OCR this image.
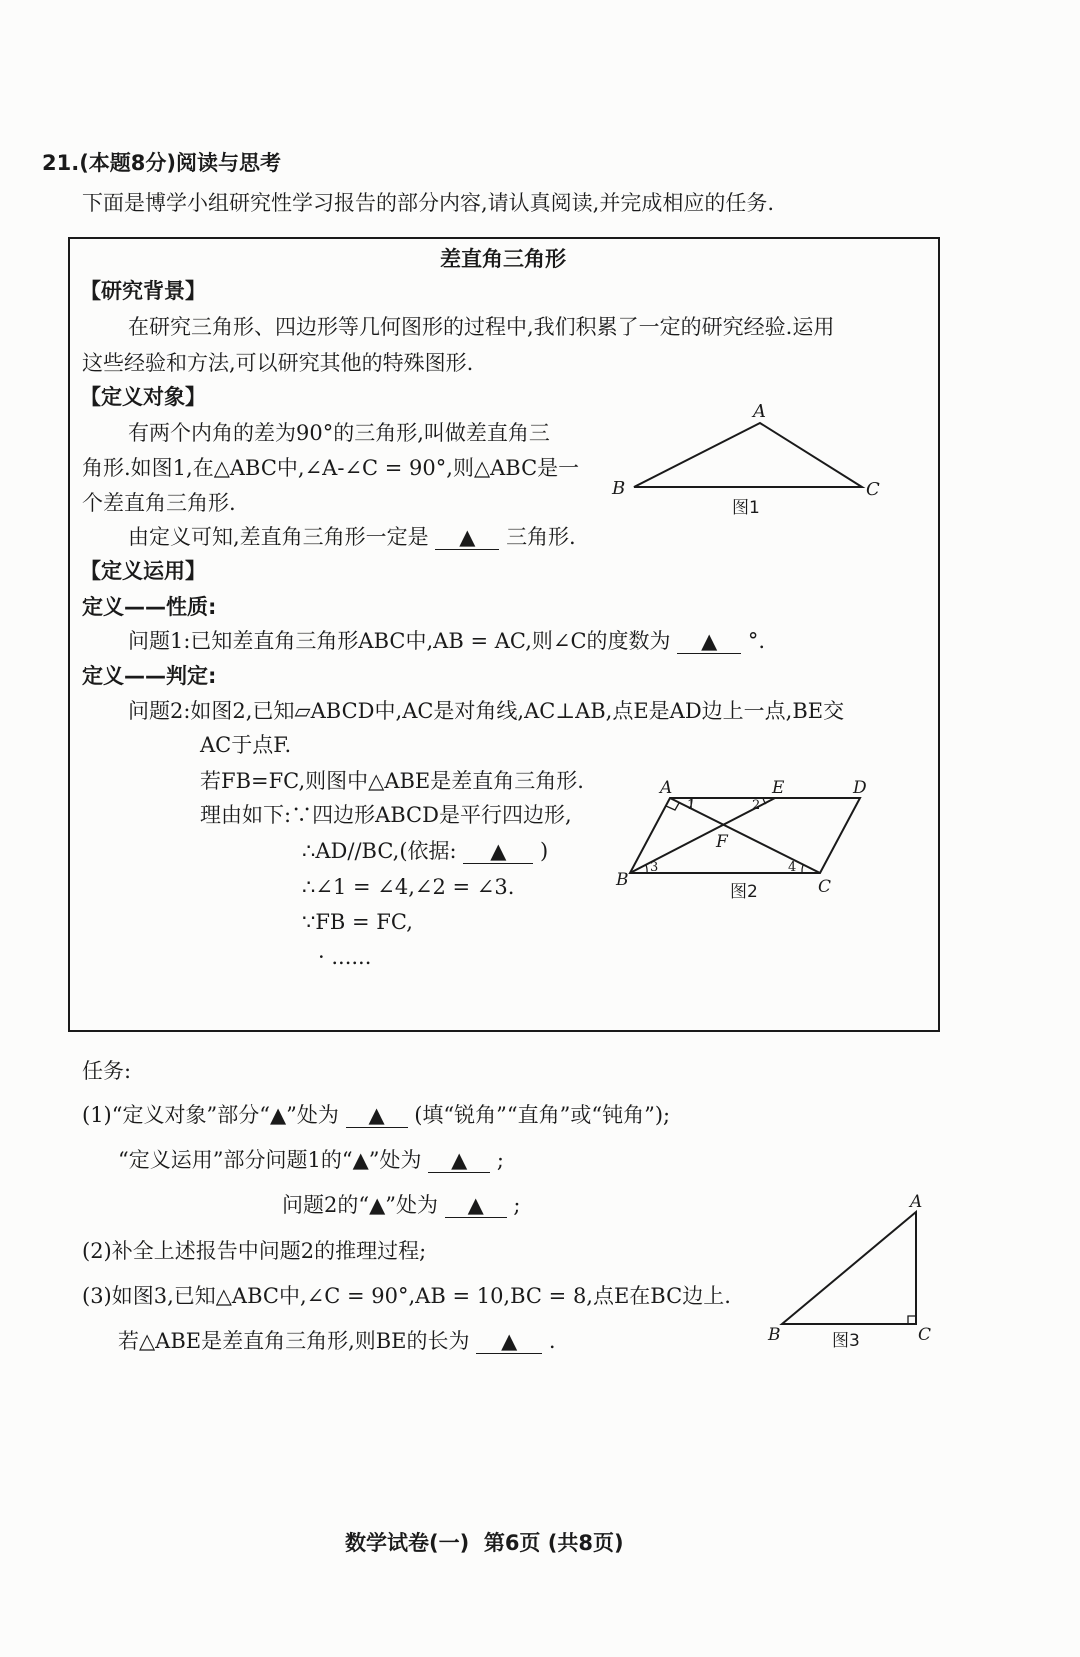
21.(本题8分)阅读与思考
下面是博学小组研究性学习报告的部分内容,请认真阅读,并完成相应的任务.
差直角三角形
【研究背景】
在研究三角形、四边形等几何图形的过程中,我们积累了一定的研究经验.运用
这些经验和方法,可以研究其他的特殊图形.
【定义对象】
有两个内角的差为90°的三角形,叫做差直角三
角形.如图1,在△ABC中,∠A-∠C = 90°,则△ABC是一
个差直角三角形.
由定义可知,差直角三角形一定是 ▲ 三角形.
【定义运用】
定义——性质:
问题1:已知差直角三角形ABC中,AB = AC,则∠C的度数为 ▲ °.
定义——判定:
问题2:如图2,已知▱ABCD中,AC是对角线,AC⊥AB,点E是AD边上一点,BE交
AC于点F.
若FB=FC,则图中△ABE是差直角三角形.
理由如下:∵四边形ABCD是平行四边形,
∴AD//BC,(依据: ▲ )
∴∠1 = ∠4,∠2 = ∠3.
∵FB = FC,
· ......
A
B	C
图1
A	E	D
F
B	C
1	2
3	4
图2
任务:
(1)“定义对象”部分“▲”处为 ▲ (填“锐角”“直角”或“钝角”);
“定义运用”部分问题1的“▲”处为 ▲ ;
问题2的“▲”处为 ▲ ;
(2)补全上述报告中问题2的推理过程;
(3)如图3,已知△ABC中,∠C = 90°,AB = 10,BC = 8,点E在BC边上.
若△ABE是差直角三角形,则BE的长为 ▲ .
A
B	C
图3
数学试卷(一)  第6页 (共8页)
